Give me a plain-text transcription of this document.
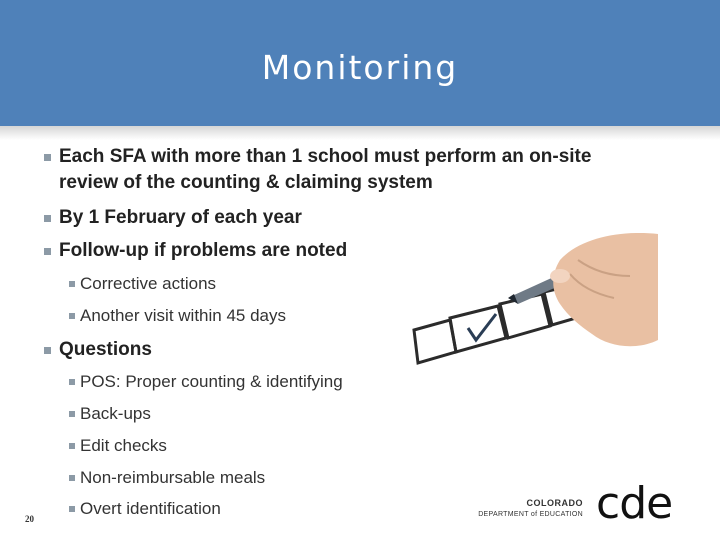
Monitoring
Each SFA with more than 1 school must perform an on-site
review of the counting & claiming system
By 1 February of each year
Follow-up if problems are noted
Corrective actions
Another visit within 45 days
Questions
POS: Proper counting & identifying
Back-ups
Edit checks
Non-reimbursable meals
Overt identification
20
COLORADO
DEPARTMENT of EDUCATION cde
